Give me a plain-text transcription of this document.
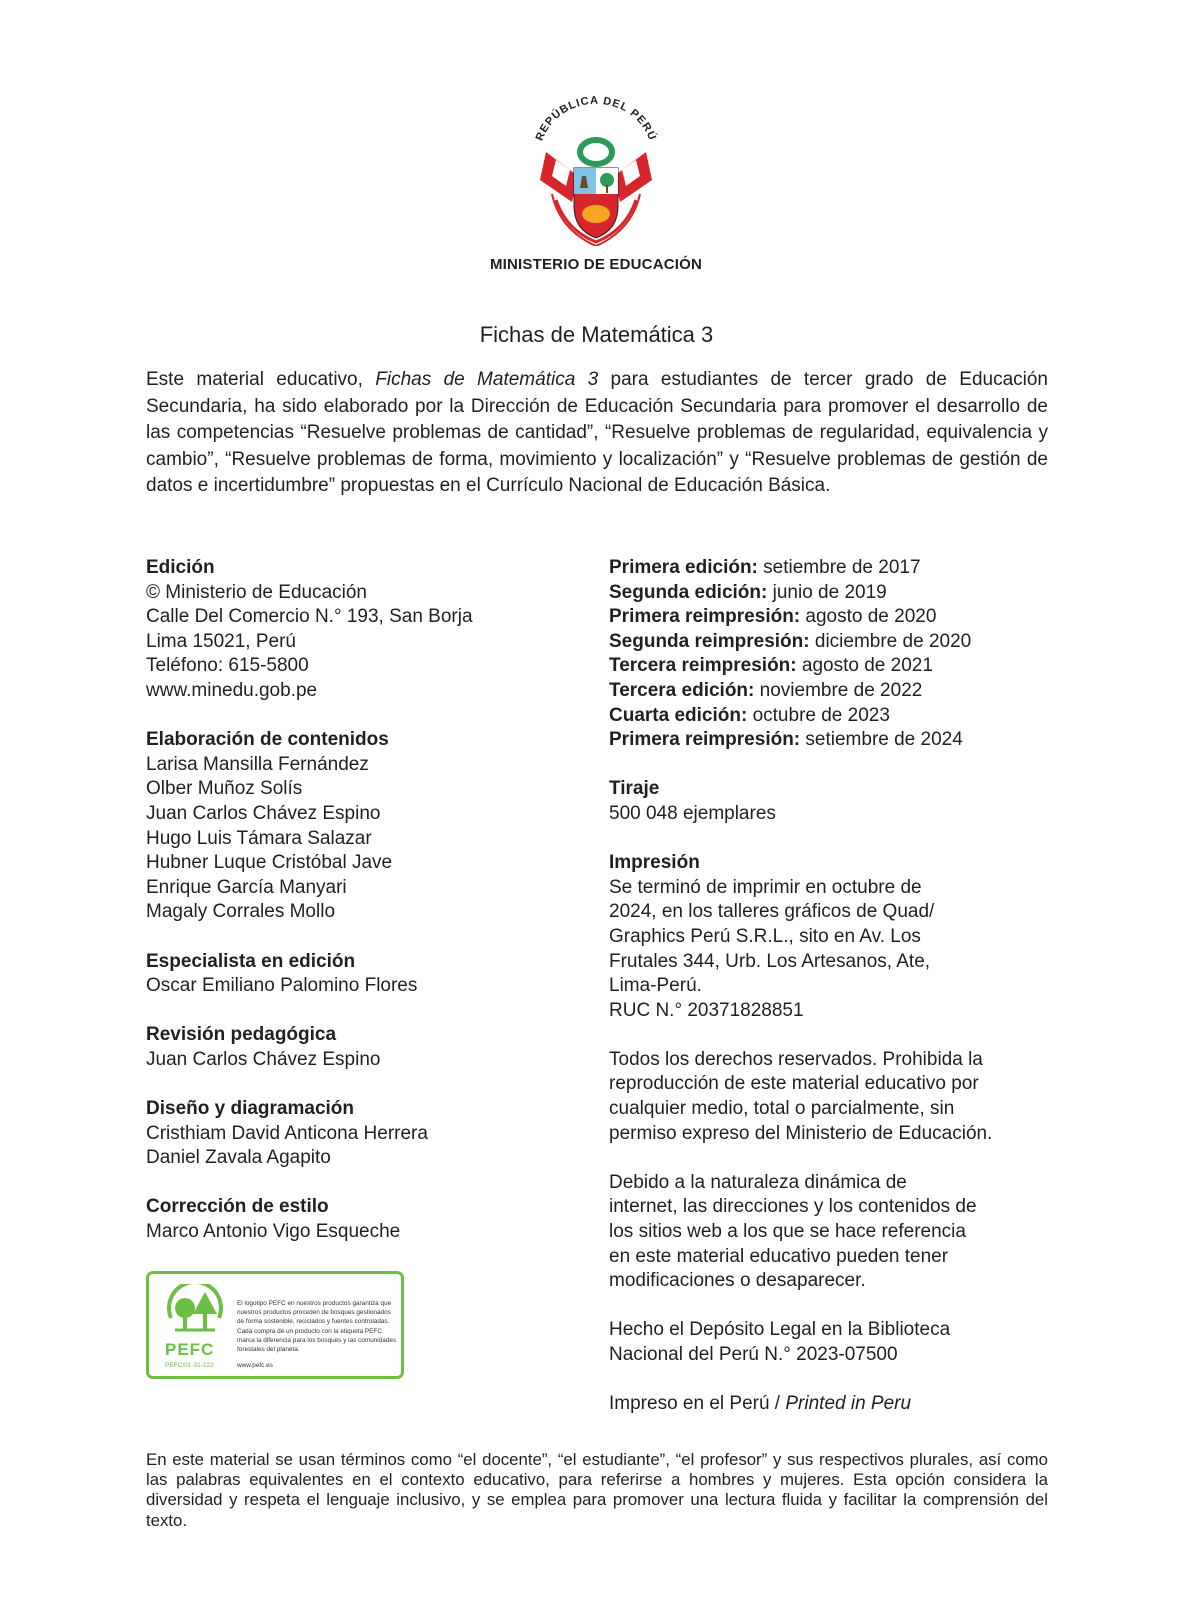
REPÚBLICA DEL PERÚ
MINISTERIO DE EDUCACIÓN
Fichas de Matemática 3

Este material educativo, Fichas de Matemática 3 para estudiantes de tercer grado de Educación Secundaria, ha sido elaborado por la Dirección de Educación Secundaria para promover el desarrollo de las competencias “Resuelve problemas de cantidad”, “Resuelve problemas de regularidad, equivalencia y cambio”, “Resuelve problemas de forma, movimiento y localización” y “Resuelve problemas de gestión de datos e incertidumbre” propuestas en el Currículo Nacional de Educación Básica.

Edición
© Ministerio de Educación
Calle Del Comercio N.° 193, San Borja
Lima 15021, Perú
Teléfono: 615-5800
www.minedu.gob.pe
Elaboración de contenidos
Larisa Mansilla Fernández
Olber Muñoz Solís
Juan Carlos Chávez Espino
Hugo Luis Támara Salazar
Hubner Luque Cristóbal Jave
Enrique García Manyari
Magaly Corrales Mollo
Especialista en edición
Oscar Emiliano Palomino Flores
Revisión pedagógica
Juan Carlos Chávez Espino
Diseño y diagramación
Cristhiam David Anticona Herrera
Daniel Zavala Agapito
Corrección de estilo
Marco Antonio Vigo Esqueche
PEFC
PEFC/01-31-222
El logotipo PEFC en nuestros productos garantiza que nuestros productos proceden de bosques gestionados de forma sostenible, reciclados y fuentes controladas. Cada compra de un producto con la etiqueta PEFC marca la diferencia para los bosques y las comunidades forestales del planeta.
www.pefc.es
Primera edición: setiembre de 2017
Segunda edición: junio de 2019
Primera reimpresión: agosto de 2020
Segunda reimpresión: diciembre de 2020
Tercera reimpresión: agosto de 2021
Tercera edición: noviembre de 2022
Cuarta edición: octubre de 2023
Primera reimpresión: setiembre de 2024
Tiraje
500 048 ejemplares
Impresión
Se terminó de imprimir en octubre de
2024, en los talleres gráficos de Quad/
Graphics Perú S.R.L., sito en Av. Los
Frutales 344, Urb. Los Artesanos, Ate,
Lima-Perú.
RUC N.° 20371828851
Todos los derechos reservados. Prohibida la
reproducción de este material educativo por
cualquier medio, total o parcialmente, sin
permiso expreso del Ministerio de Educación.
Debido a la naturaleza dinámica de
internet, las direcciones y los contenidos de
los sitios web a los que se hace referencia
en este material educativo pueden tener
modificaciones o desaparecer.
Hecho el Depósito Legal en la Biblioteca
Nacional del Perú N.° 2023-07500
Impreso en el Perú / Printed in Peru

En este material se usan términos como “el docente”, “el estudiante”, “el profesor” y sus respectivos plurales, así como las palabras equivalentes en el contexto educativo, para referirse a hombres y mujeres. Esta opción considera la diversidad y respeta el lenguaje inclusivo, y se emplea para promover una lectura fluida y facilitar la comprensión del texto.
